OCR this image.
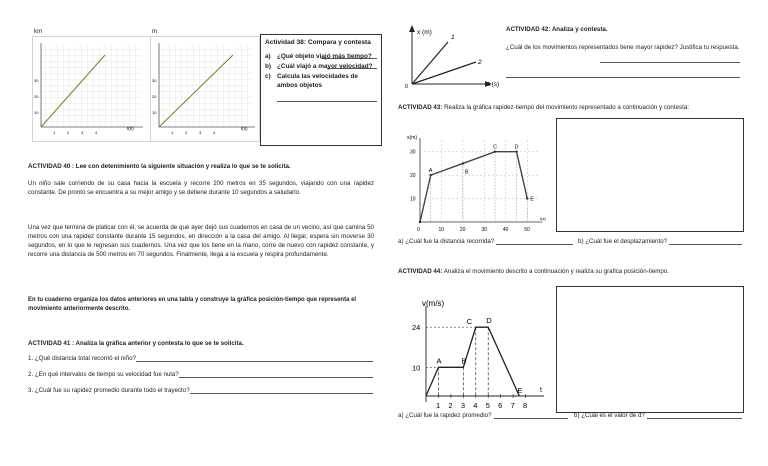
30
20
10
1	2	3	4
t(h)
km
30
20
10
1	2	3	4
t(s)
m
Actividad 38: Compara y contesta
a) ¿Qué objeto viajó más tiempo?
b) ¿Cuál viajó a mayor velocidad?
c) Calcula las velocidades de ambos objetos
ACTIVIDAD 40 : Lee con detenimiento la siguiente situación y realiza lo que se te solicita.
Un niño sale corriendo de su casa hacia la escuela y recorre 200 metros en 35 segundos, viajando con una rapidez constante. De pronto se encuentra a su mejor amigo y se detiene durante 10 segundos a saludarlo.
Una vez que termina de platicar con él, se acuerda de que ayer dejó sus cuadernos en casa de un vecino, así que camina 50 metros con una rapidez constante durante 15 segundos, en dirección a la casa del amigo. Al llegar, espera sin moverse 30 segundos, en lo que le regresan sus cuadernos. Una vez que los tiene en la mano, corre de nuevo con rapidez constante, y recorre una distancia de 500 metros en 70 segundos. Finalmente, llega a la escuela y respira profundamente.
En tu cuaderno organiza los datos anteriores en una tabla y construye la gráfica posición-tiempo que representa el movimiento anteriormente descrito.
ACTIVIDAD 41 : Analiza la gráfica anterior y contesta lo que se te solicita.
1. ¿Qué distancia total recorrió el niño?
2. ¿En qué intervalos de tiempo su velocidad fue nula?
3. ¿Cuál fue su rapidez promedio durante todo el trayecto?
x (m)
t (s)
1
2
0
ACTIVIDAD 42: Analiza y contesta.
¿Cuál de los movimientos representados tiene mayor rapidez? Justifica tu respuesta.
ACTIVIDAD 43: Realiza la gráfica rapidez-tiempo del movimiento representado a continuación y contesta:
x(m)
10
20
30
0	10	20	30	40	50
t(s)
A	B
C	D
E
a) ¿Cuál fue la distancia recorrida?	b) ¿Cuál fue el desplazamiento?
ACTIVIDAD 44: Analiza el movimiento descrito a continuación y realiza su grafica posición-tiempo.
v(m/s)
t
10
24
1 2 3 4 5 6 7 8
A	B
C D
E
a) ¿Cuál fue la rapidez promedio?	b) ¿Cuál es el valor de d?
